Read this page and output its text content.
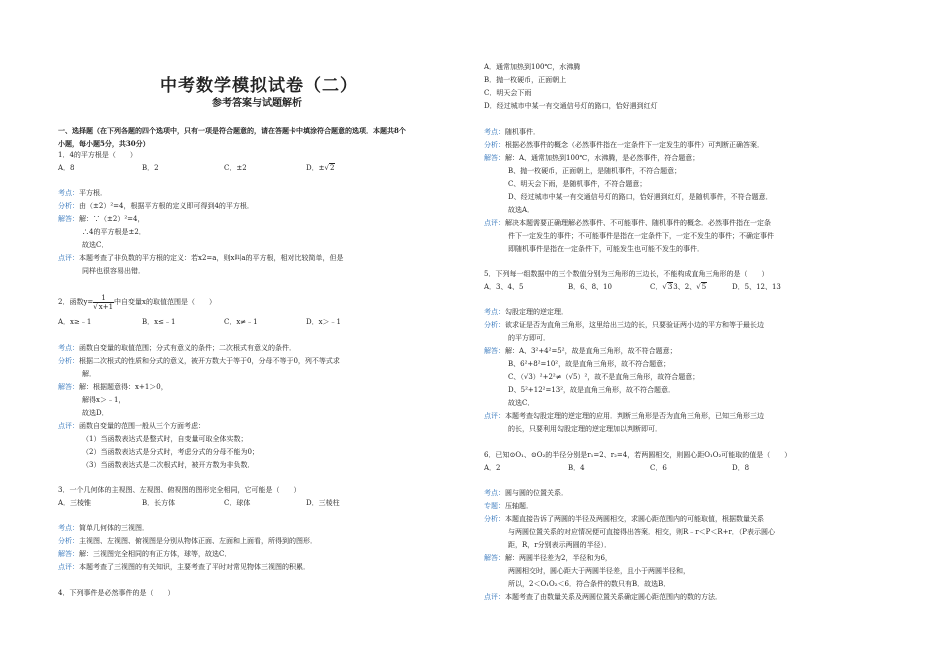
中考数学模拟试卷（二）
参考答案与试题解析
一、选择题（在下列各题的四个选项中，只有一项是符合题意的，请在答题卡中填涂符合题意的选项．本题共8个
小题，每小题5分，共30分）
1．4的平方根是（　　）
A．8	B．2	C．±2	D．±√2
考点：平方根．
分析：由（±2）²=4，根据平方根的定义即可得到4的平方根．
解答：解：∵（±2）²=4，
∴4的平方根是±2．
故选C．
点评：本题考查了非负数的平方根的定义：若x2=a，则x叫a的平方根，相对比较简单，但是
同样也很容易出错．
2．函数$y= \frac{1}{√x+1}$ 中自变量x的取值范围是（　　）
A．x≥﹣1	B．x≤﹣1	C．x≠﹣1	D．x＞﹣1
考点：函数自变量的取值范围；分式有意义的条件；二次根式有意义的条件．
分析：根据二次根式的性质和分式的意义，被开方数大于等于0，分母不等于0，列不等式求
解．
解答：解：根据题意得：x+1＞0，
解得x＞﹣1，
故选D．
点评：函数自变量的范围一般从三个方面考虑：
（1）当函数表达式是整式时，自变量可取全体实数；
（2）当函数表达式是分式时，考虑分式的分母不能为0；
（3）当函数表达式是二次根式时，被开方数为非负数．
3．一个几何体的主视图、左视图、俯视图的图形完全相同，它可能是（　　）
A．三棱锥	B．长方体	C．球体	D．三棱柱
考点：简单几何体的三视图．
分析：主视图、左视图、俯视图是分别从物体正面、左面和上面看，所得到的图形．
解答：解：三视图完全相同的有正方体，球等，故选C．
点评：本题考查了三视图的有关知识，主要考查了平时对常见物体三视图的积累．
4．下列事件是必然事件的是（　　）
A．通常加热到100℃，水沸腾
B．抛一枚硬币，正面朝上
C．明天会下雨
D．经过城市中某一有交通信号灯的路口，恰好遇到红灯
考点：随机事件．
分析：根据必然事件的概念（必然事件指在一定条件下一定发生的事件）可判断正确答案．
解答：解：A、通常加热到100℃，水沸腾，是必然事件，符合题意；
B、抛一枚硬币，正面朝上，是随机事件，不符合题意；
C、明天会下雨，是随机事件，不符合题意；
D、经过城市中某一有交通信号灯的路口，恰好遇到红灯，是随机事件，不符合题意．
故选A．
点评：解决本题需要正确理解必然事件、不可能事件、随机事件的概念．必然事件指在一定条
件下一定发生的事件；不可能事件是指在一定条件下，一定不发生的事件；不确定事件
即随机事件是指在一定条件下，可能发生也可能不发生的事件．
5．下列每一组数据中的三个数值分别为三角形的三边长，不能构成直角三角形的是（　　）
A．3、4、5	B．6、8、10	C．√33、2、√5	D．5、12、13
考点：勾股定理的逆定理．
分析：欲求证是否为直角三角形，这里给出三边的长，只要验证两小边的平方和等于最长边
的平方即可．
解答：解：A、3²+4²=5²，故是直角三角形，故不符合题意；
B、6²+8²=10²，故是直角三角形，故不符合题意；
C、（√3）²+2²≠（√5）²，故不是直角三角形，故符合题意；
D、5²+12²=13²，故是直角三角形，故不符合题意．
故选C．
点评：本题考查勾股定理的逆定理的应用．判断三角形是否为直角三角形，已知三角形三边
的长，只要利用勾股定理的逆定理加以判断即可．
6．已知⊙O₁、⊙O₂的半径分别是r₁=2、r₂=4，若两圆相交，则圆心距O₁O₂可能取的值是（　　）
A．2	B．4	C．6	D．8
考点：圆与圆的位置关系．
专题：压轴题．
分析：本题直接告诉了两圆的半径及两圆相交，求圆心距范围内的可能取值，根据数量关系
与两圆位置关系的对应情况便可直接得出答案．相交，则R﹣r＜P＜R+r．（P表示圆心
距，R，r分别表示两圆的半径）．
解答：解：两圆半径差为2，半径和为6，
两圆相交时，圆心距大于两圆半径差，且小于两圆半径和，
所以，2＜O₁O₂＜6．符合条件的数只有B．故选B．
点评：本题考查了由数量关系及两圆位置关系确定圆心距范围内的数的方法．
